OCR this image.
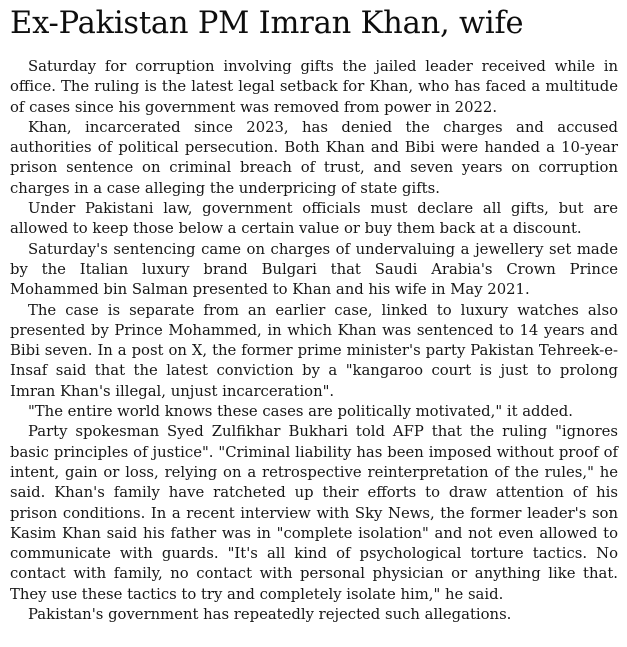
Ex-Pakistan PM Imran Khan, wife

Saturday for corruption involving gifts the jailed leader received while in office. The ruling is the latest legal setback for Khan, who has faced a multitude of cases since his government was removed from power in 2022.

Khan, incarcerated since 2023, has denied the charges and accused authorities of political persecution. Both Khan and Bibi were handed a 10-year prison sentence on criminal breach of trust, and seven years on corruption charges in a case alleging the underpricing of state gifts.

Under Pakistani law, government officials must declare all gifts, but are allowed to keep those below a certain value or buy them back at a discount.

Saturday's sentencing came on charges of undervaluing a jewellery set made by the Italian luxury brand Bulgari that Saudi Arabia's Crown Prince Mohammed bin Salman presented to Khan and his wife in May 2021.

The case is separate from an earlier case, linked to luxury watches also presented by Prince Mohammed, in which Khan was sentenced to 14 years and Bibi seven. In a post on X, the former prime minister's party Pakistan Tehreek-e-Insaf said that the latest conviction by a "kangaroo court is just to prolong Imran Khan's illegal, unjust incarceration".

"The entire world knows these cases are politically motivated," it added.

Party spokesman Syed Zulfikhar Bukhari told AFP that the ruling "ignores basic principles of justice". "Criminal liability has been imposed without proof of intent, gain or loss, relying on a retrospective reinterpretation of the rules," he said. Khan's family have ratcheted up their efforts to draw attention of his prison conditions. In a recent interview with Sky News, the former leader's son Kasim Khan said his father was in "complete isolation" and not even allowed to communicate with guards. "It's all kind of psychological torture tactics. No contact with family, no contact with personal physician or anything like that. They use these tactics to try and completely isolate him," he said.

Pakistan's government has repeatedly rejected such allegations.
